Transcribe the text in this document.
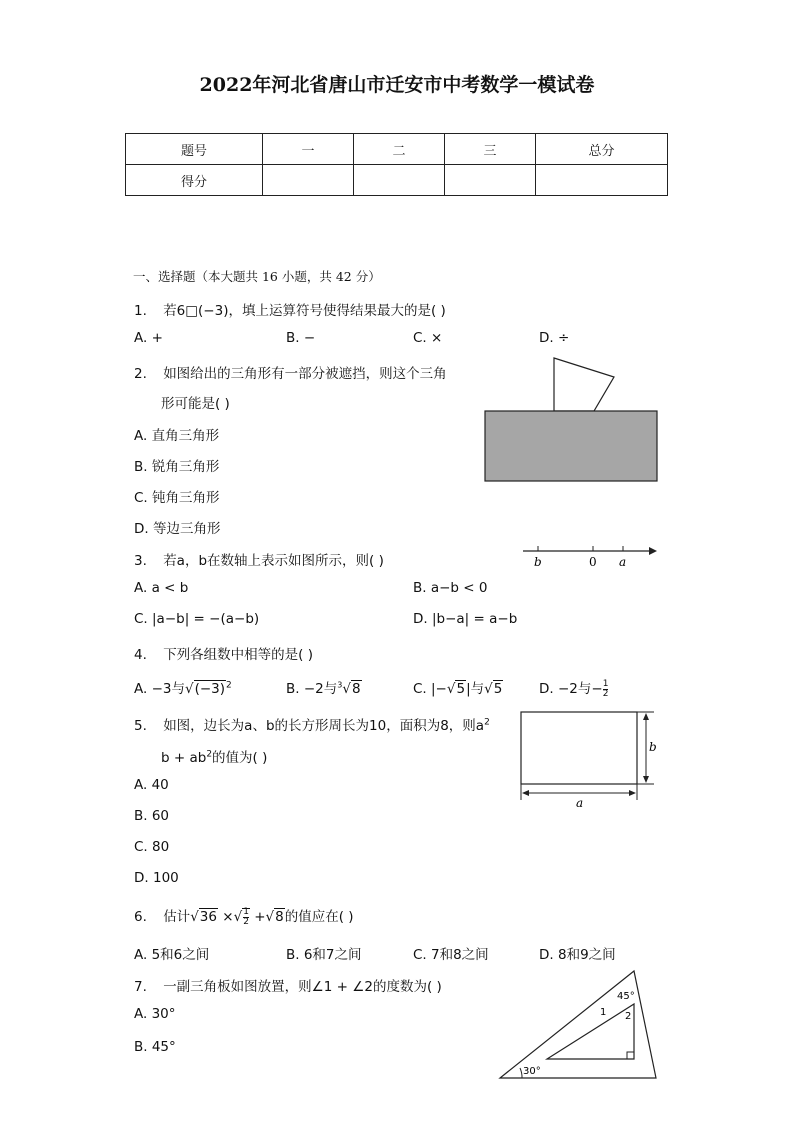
2022年河北省唐山市迁安市中考数学一模试卷
题号	一	二	三	总分
得分				
一、选择题（本大题共 16 小题，共 42 分）
1. 若6□(−3)，填上运算符号使得结果最大的是( )
A. +	B. −	C. ×	D. ÷
2. 如图给出的三角形有一部分被遮挡，则这个三角
形可能是( )
A. 直角三角形
B. 锐角三角形
C. 钝角三角形
D. 等边三角形
3. 若a，b在数轴上表示如图所示，则( )	b	0 a
A. a < b	B. a−b < 0
C. |a−b| = −(a−b)	D. |b−a| = a−b
4. 下列各组数中相等的是( )
A. −3与$√(-3)^2$	B. −2与$^3$√8	C. |−√5|与√5	D. −2与− $\frac{1}{2}$
5. 如图，边长为a、b的长方形周长为10，面积为8，则$a^2$
$b + ab^2$的值为( )
b
a
A. 40
B. 60
C. 80
D. 100
6. 估计√36 ×√ $\frac{1}{2} +√8$的值应在( )
A. 5和6之间	B. 6和7之间	C. 7和8之间	D. 8和9之间
7. 一副三角板如图放置，则∠1 + ∠2的度数为( )
A. 30°
B. 45°
45°
30°
1 2
